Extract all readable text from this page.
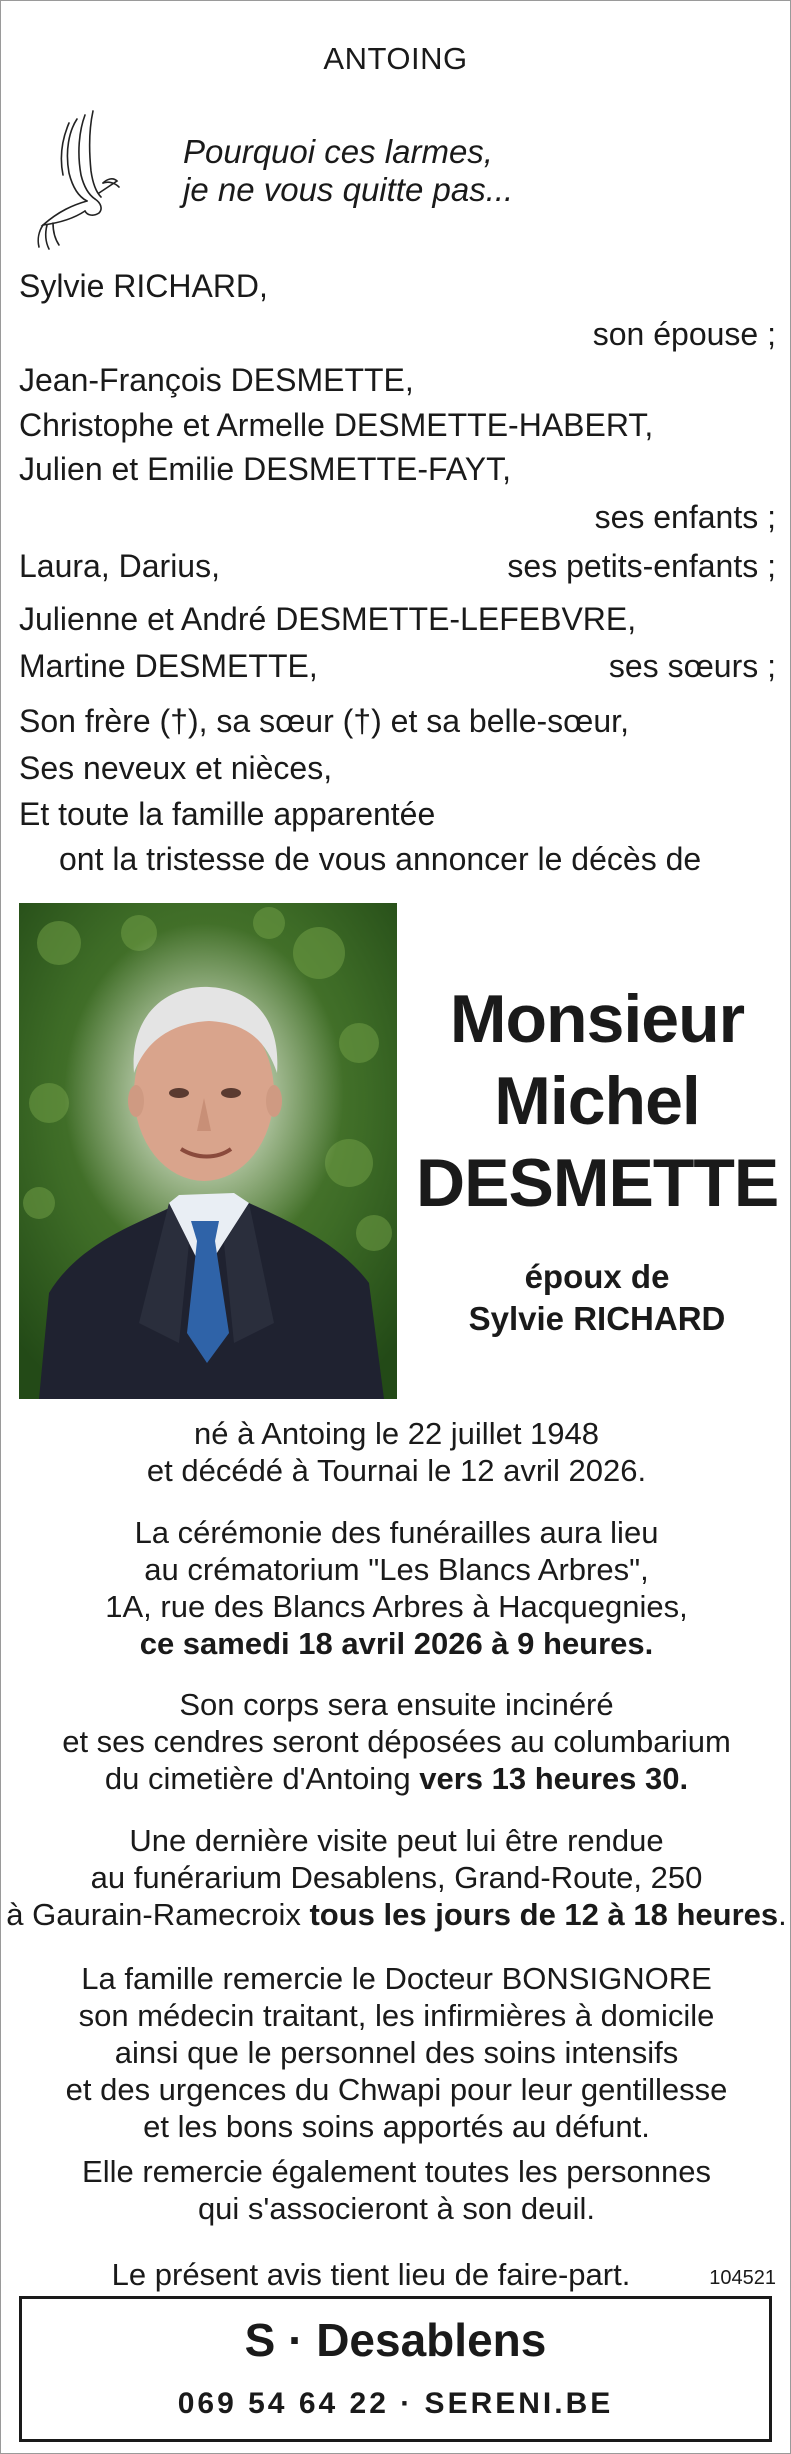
ANTOING
Pourquoi ces larmes,
je ne vous quitte pas...
Sylvie RICHARD,
son épouse ;
Jean-François DESMETTE,
Christophe et Armelle DESMETTE-HABERT,
Julien et Emilie DESMETTE-FAYT,
ses enfants ;
Laura, Darius,	ses petits-enfants ;
Julienne et André DESMETTE-LEFEBVRE,
Martine DESMETTE,	ses sœurs ;
Son frère (†), sa sœur (†) et sa belle-sœur,
Ses neveux et nièces,
Et toute la famille apparentée
ont la tristesse de vous annoncer le décès de
Monsieur
Michel
DESMETTE
époux de
Sylvie RICHARD
né à Antoing le 22 juillet 1948
et décédé à Tournai le 12 avril 2026.
La cérémonie des funérailles aura lieu
au crématorium "Les Blancs Arbres",
1A, rue des Blancs Arbres à Hacquegnies,
ce samedi 18 avril 2026 à 9 heures.
Son corps sera ensuite incinéré
et ses cendres seront déposées au columbarium
du cimetière d'Antoing vers 13 heures 30.
Une dernière visite peut lui être rendue
au funérarium Desablens, Grand-Route, 250
à Gaurain-Ramecroix tous les jours de 12 à 18 heures.
La famille remercie le Docteur BONSIGNORE
son médecin traitant, les infirmières à domicile
ainsi que le personnel des soins intensifs
et des urgences du Chwapi pour leur gentillesse
et les bons soins apportés au défunt.
Elle remercie également toutes les personnes
qui s'associeront à son deuil.
Le présent avis tient lieu de faire-part.	104521
S · Desablens
069 54 64 22 · SERENI.BE
